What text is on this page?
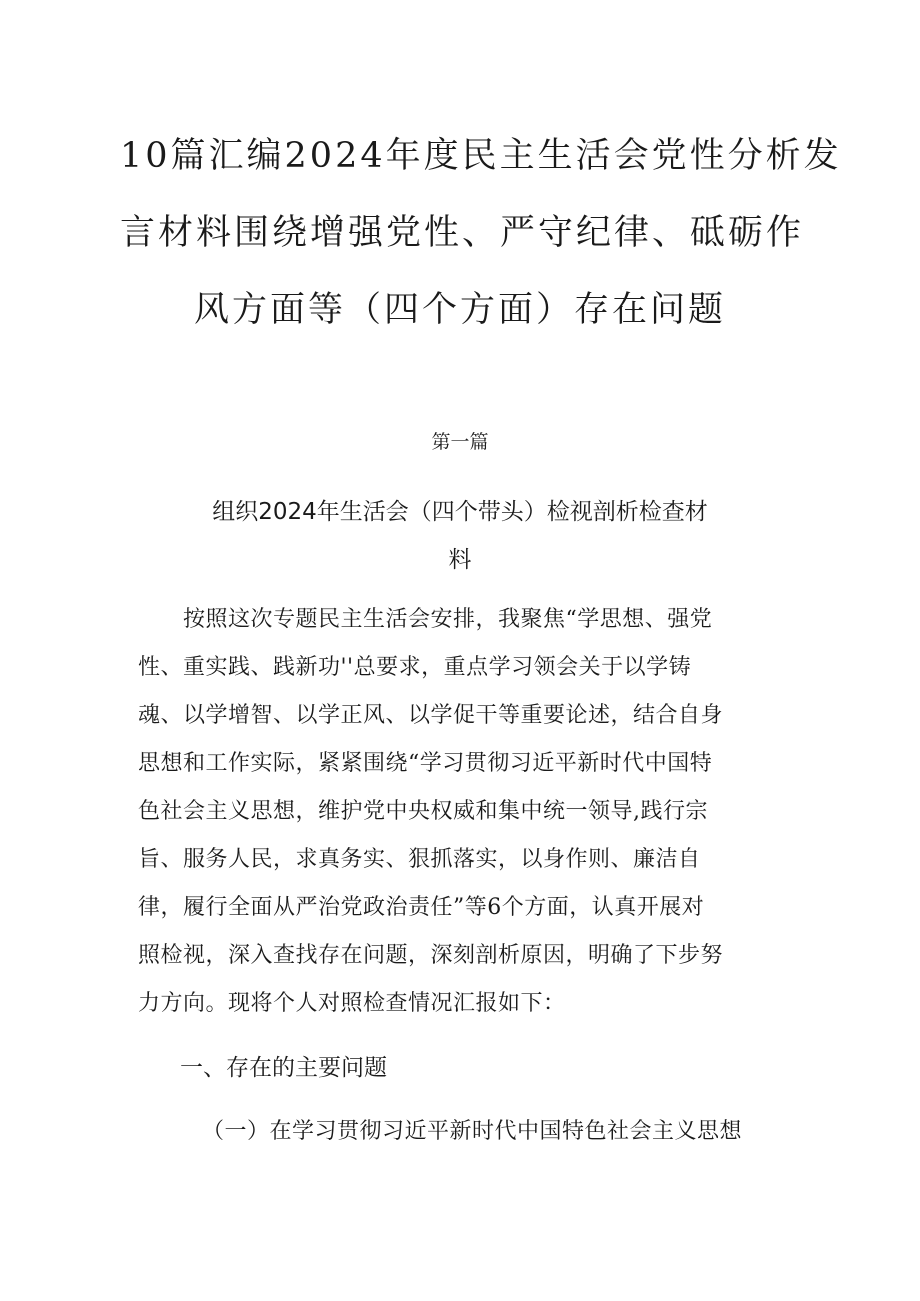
10篇汇编2024年度民主生活会党性分析发
言材料围绕增强党性、严守纪律、砥砺作
风方面等（四个方面）存在问题
第一篇
组织2024年生活会（四个带头）检视剖析检查材
料

　　按照这次专题民主生活会安排，我聚焦“学思想、强党
性、重实践、践新功''总要求，重点学习领会关于以学铸
魂、以学增智、以学正风、以学促干等重要论述，结合自身
思想和工作实际，紧紧围绕“学习贯彻习近平新时代中国特
色社会主义思想，维护党中央权威和集中统一领导,践行宗
旨、服务人民，求真务实、狠抓落实，以身作则、廉洁自
律，履行全面从严治党政治责任”等6个方面，认真开展对
照检视，深入查找存在问题，深刻剖析原因，明确了下步努
力方向。现将个人对照检查情况汇报如下：

一、存在的主要问题

（一）在学习贯彻习近平新时代中国特色社会主义思想
